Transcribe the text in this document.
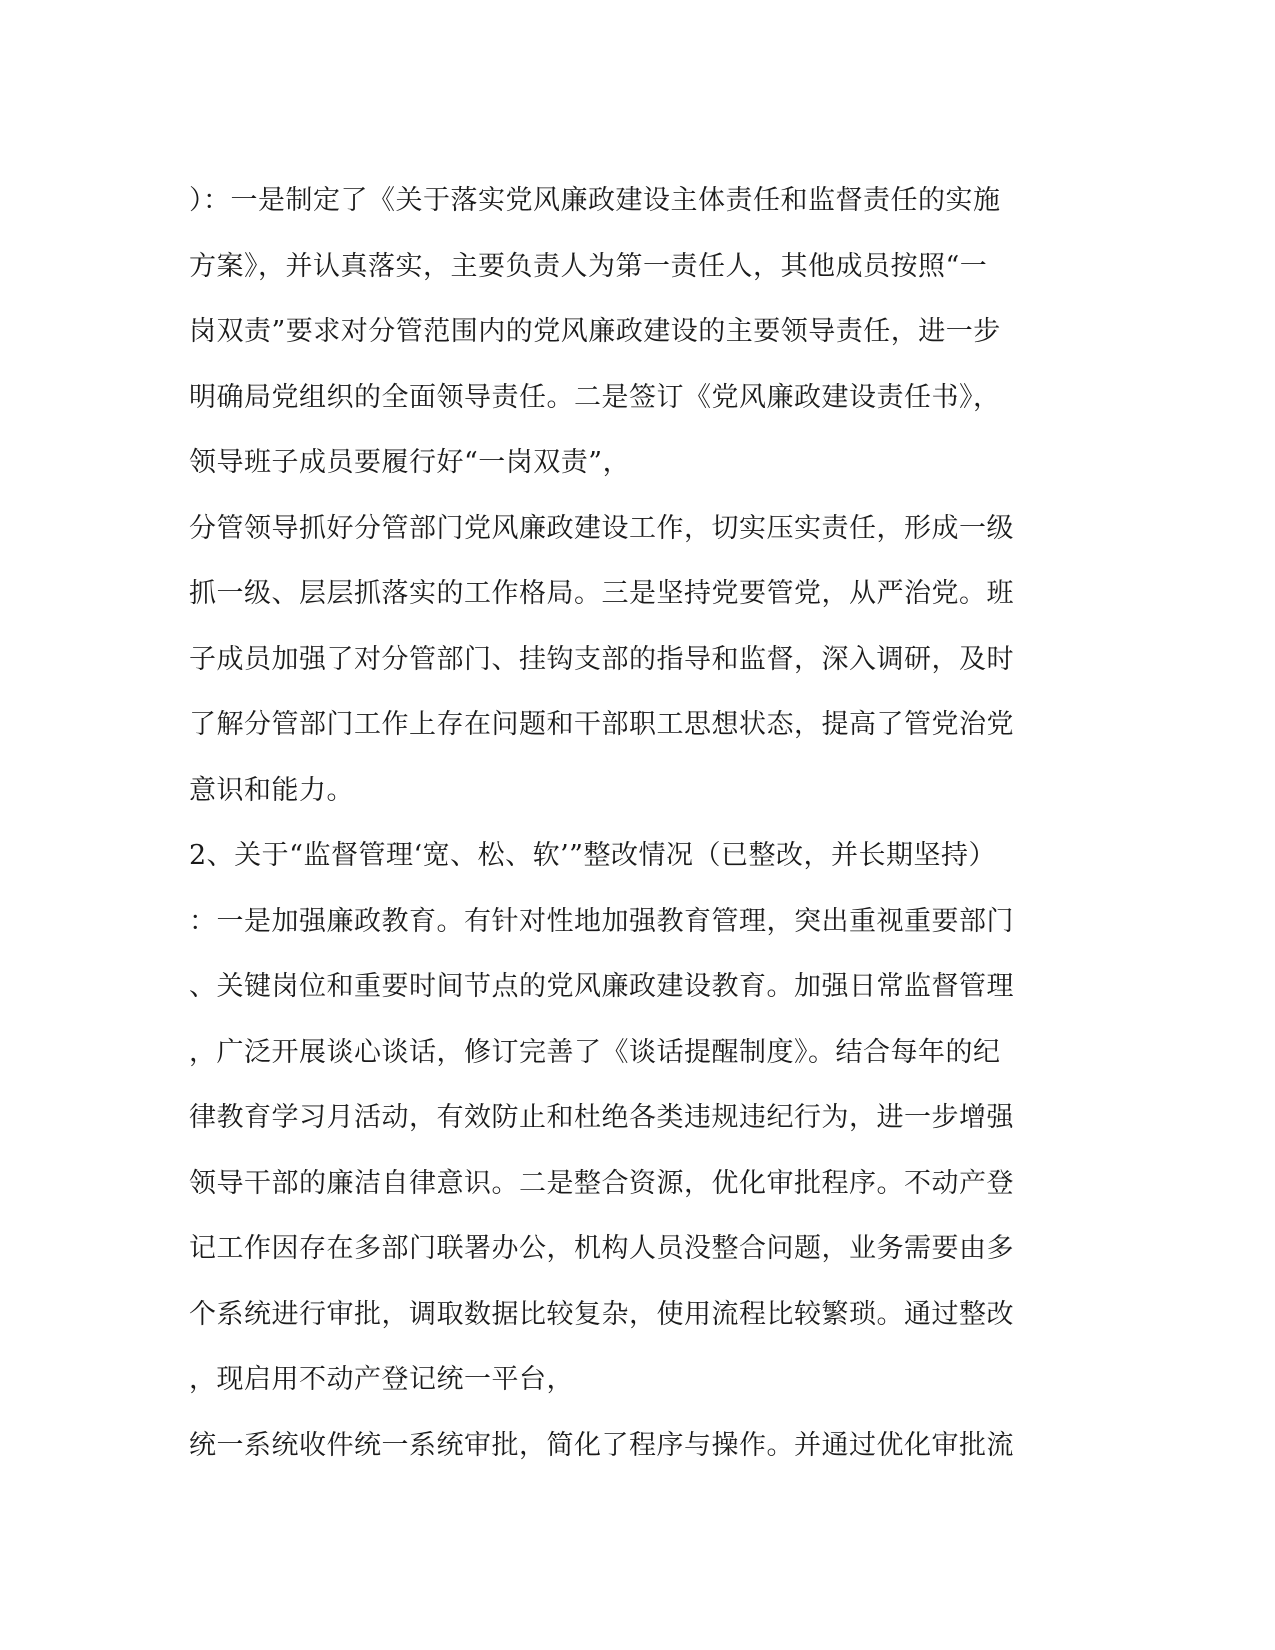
）：一是制定了《关于落实党风廉政建设主体责任和监督责任的实施
方案》，并认真落实，主要负责人为第一责任人，其他成员按照“一
岗双责”要求对分管范围内的党风廉政建设的主要领导责任，进一步
明确局党组织的全面领导责任。二是签订《党风廉政建设责任书》，
领导班子成员要履行好“一岗双责”，
分管领导抓好分管部门党风廉政建设工作，切实压实责任，形成一级
抓一级、层层抓落实的工作格局。三是坚持党要管党，从严治党。班
子成员加强了对分管部门、挂钩支部的指导和监督，深入调研，及时
了解分管部门工作上存在问题和干部职工思想状态，提高了管党治党
意识和能力。
2、关于“监督管理‘宽、松、软’”整改情况（已整改，并长期坚持）
：一是加强廉政教育。有针对性地加强教育管理，突出重视重要部门
、关键岗位和重要时间节点的党风廉政建设教育。加强日常监督管理
，广泛开展谈心谈话，修订完善了《谈话提醒制度》。结合每年的纪
律教育学习月活动，有效防止和杜绝各类违规违纪行为，进一步增强
领导干部的廉洁自律意识。二是整合资源，优化审批程序。不动产登
记工作因存在多部门联署办公，机构人员没整合问题，业务需要由多
个系统进行审批，调取数据比较复杂，使用流程比较繁琐。通过整改
，现启用不动产登记统一平台，
统一系统收件统一系统审批，简化了程序与操作。并通过优化审批流
